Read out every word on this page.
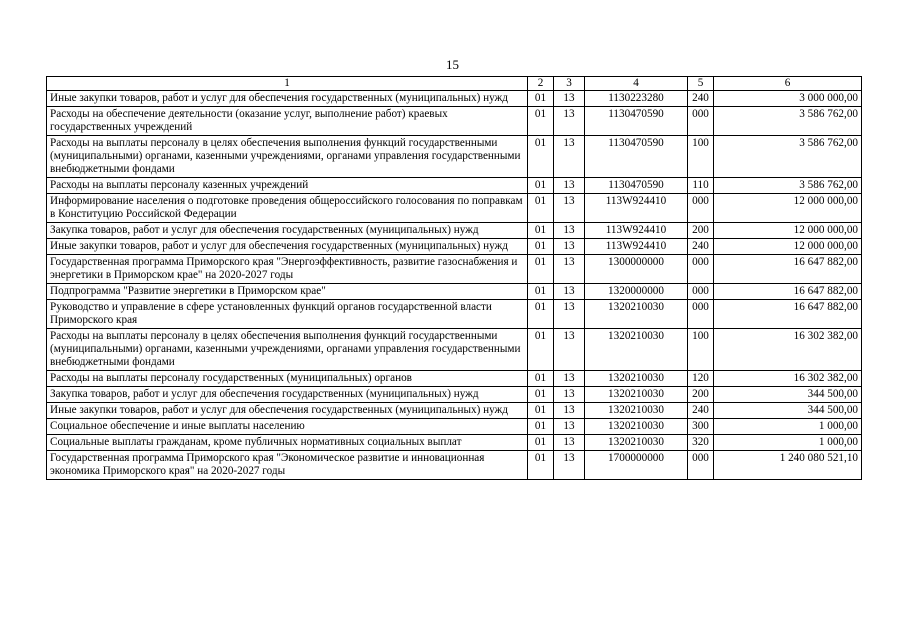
15
1	2	3	4	5	6
Иные закупки товаров, работ и услуг для обеспечения государственных (муниципальных) нужд	01	13	1130223280	240	3 000 000,00
Расходы на обеспечение деятельности (оказание услуг, выполнение работ) краевых государственных учреждений	01	13	1130470590	000	3 586 762,00
Расходы на выплаты персоналу в целях обеспечения выполнения функций государственными (муниципальными) органами, казенными учреждениями, органами управления государственными внебюджетными фондами	01	13	1130470590	100	3 586 762,00
Расходы на выплаты персоналу казенных учреждений	01	13	1130470590	110	3 586 762,00
Информирование населения о подготовке проведения общероссийского голосования по поправкам в Конституцию Российской Федерации	01	13	113W924410	000	12 000 000,00
Закупка товаров, работ и услуг для обеспечения государственных (муниципальных) нужд	01	13	113W924410	200	12 000 000,00
Иные закупки товаров, работ и услуг для обеспечения государственных (муниципальных) нужд	01	13	113W924410	240	12 000 000,00
Государственная программа Приморского края "Энергоэффективность, развитие газоснабжения и энергетики в Приморском крае" на 2020-2027 годы	01	13	1300000000	000	16 647 882,00
Подпрограмма "Развитие энергетики в Приморском крае"	01	13	1320000000	000	16 647 882,00
Руководство и управление в сфере установленных функций органов государственной власти Приморского края	01	13	1320210030	000	16 647 882,00
Расходы на выплаты персоналу в целях обеспечения выполнения функций государственными (муниципальными) органами, казенными учреждениями, органами управления государственными внебюджетными фондами	01	13	1320210030	100	16 302 382,00
Расходы на выплаты персоналу государственных (муниципальных) органов	01	13	1320210030	120	16 302 382,00
Закупка товаров, работ и услуг для обеспечения государственных (муниципальных) нужд	01	13	1320210030	200	344 500,00
Иные закупки товаров, работ и услуг для обеспечения государственных (муниципальных) нужд	01	13	1320210030	240	344 500,00
Социальное обеспечение и иные выплаты населению	01	13	1320210030	300	1 000,00
Социальные выплаты гражданам, кроме публичных нормативных социальных выплат	01	13	1320210030	320	1 000,00
Государственная программа Приморского края "Экономическое развитие и инновационная экономика Приморского края" на 2020-2027 годы	01	13	1700000000	000	1 240 080 521,10
